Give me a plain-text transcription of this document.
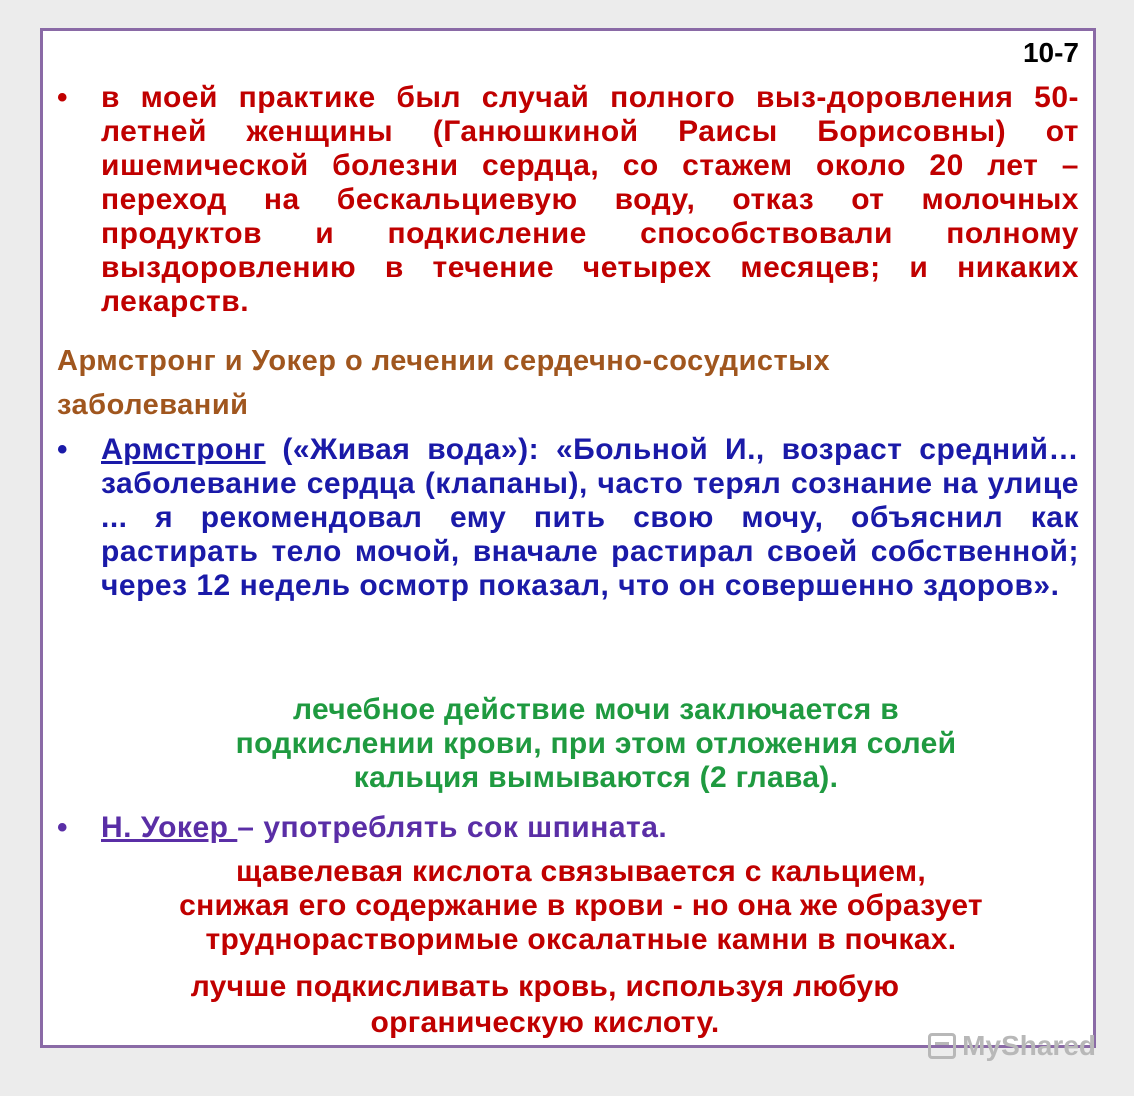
10-7
•	в моей практике был случай полного выз-доровления 50-летней женщины (Ганюшкиной Раисы Борисовны) от ишемической болезни сердца, со стажем около 20 лет – переход на бескальциевую воду, отказ от молочных продуктов и подкисление способствовали полному выздоровлению в течение четырех месяцев; и никаких лекарств.
Армстронг и Уокер о лечении сердечно-сосудистых
заболеваний
•	Армстронг («Живая вода»): «Больной И., возраст средний… заболевание сердца (клапаны), часто терял сознание на улице ... я рекомендовал ему пить свою мочу, объяснил как растирать тело мочой, вначале растирал своей собственной; через 12 недель осмотр показал, что он совершенно здоров».
лечебное действие мочи заключается в
подкислении крови, при этом отложения солей
кальция вымываются (2 глава).
•	Н. Уокер – употреблять сок шпината.
щавелевая кислота связывается с кальцием,
снижая его содержание в крови - но она же образует
труднорастворимые оксалатные камни в почках.
лучше подкисливать кровь, используя любую
органическую кислоту.
MyShared
